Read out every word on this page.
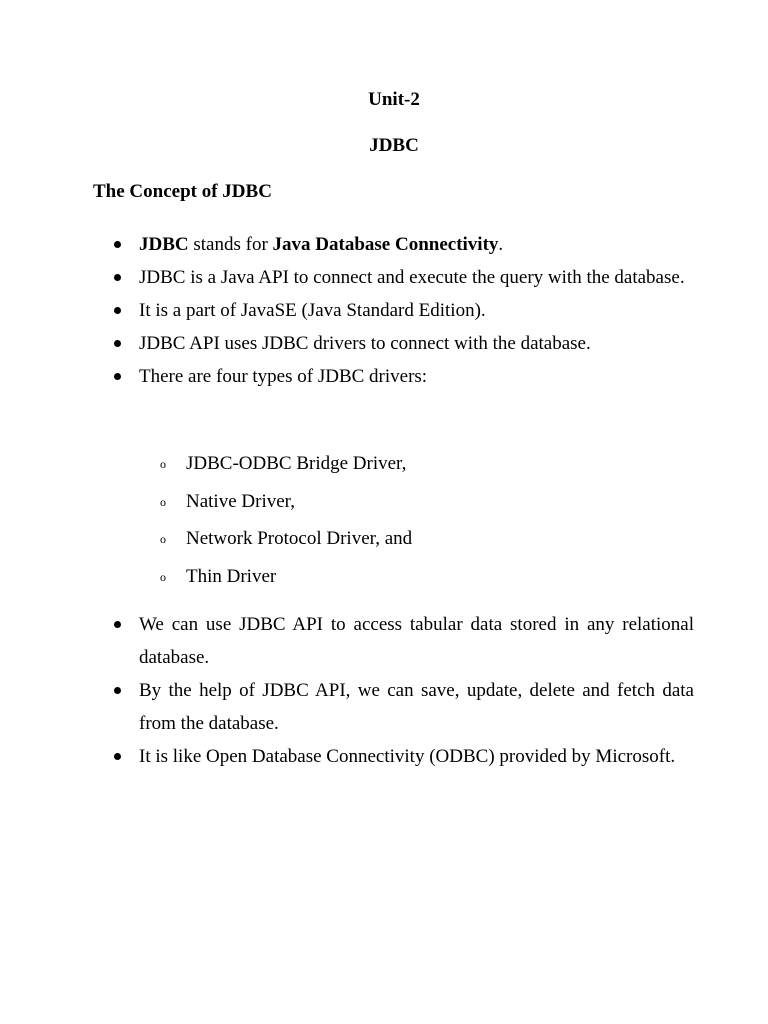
Unit-2
JDBC
The Concept of JDBC
JDBC stands for Java Database Connectivity.
JDBC is a Java API to connect and execute the query with the database.
It is a part of JavaSE (Java Standard Edition).
JDBC API uses JDBC drivers to connect with the database.
There are four types of JDBC drivers:
o JDBC-ODBC Bridge Driver,
o Native Driver,
o Network Protocol Driver, and
o Thin Driver
We can use JDBC API to access tabular data stored in any relational database.
By the help of JDBC API, we can save, update, delete and fetch data from the database.
It is like Open Database Connectivity (ODBC) provided by Microsoft.
